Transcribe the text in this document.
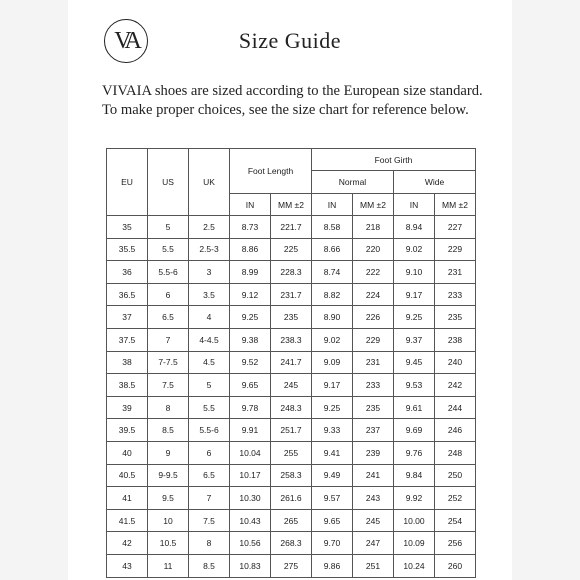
VA	Size Guide
VIVAIA shoes are sized according to the European size standard.
To make proper choices, see the size chart for reference below.
EU	US	UK	Foot Length		Foot Girth			
					Normal		Wide	
			IN	MM ±2	IN	MM ±2	IN	MM ±2
35	5	2.5	8.73	221.7	8.58	218	8.94	227
35.5	5.5	2.5-3	8.86	225	8.66	220	9.02	229
36	5.5-6	3	8.99	228.3	8.74	222	9.10	231
36.5	6	3.5	9.12	231.7	8.82	224	9.17	233
37	6.5	4	9.25	235	8.90	226	9.25	235
37.5	7	4-4.5	9.38	238.3	9.02	229	9.37	238
38	7-7.5	4.5	9.52	241.7	9.09	231	9.45	240
38.5	7.5	5	9.65	245	9.17	233	9.53	242
39	8	5.5	9.78	248.3	9.25	235	9.61	244
39.5	8.5	5.5-6	9.91	251.7	9.33	237	9.69	246
40	9	6	10.04	255	9.41	239	9.76	248
40.5	9-9.5	6.5	10.17	258.3	9.49	241	9.84	250
41	9.5	7	10.30	261.6	9.57	243	9.92	252
41.5	10	7.5	10.43	265	9.65	245	10.00	254
42	10.5	8	10.56	268.3	9.70	247	10.09	256
43	11	8.5	10.83	275	9.86	251	10.24	260
